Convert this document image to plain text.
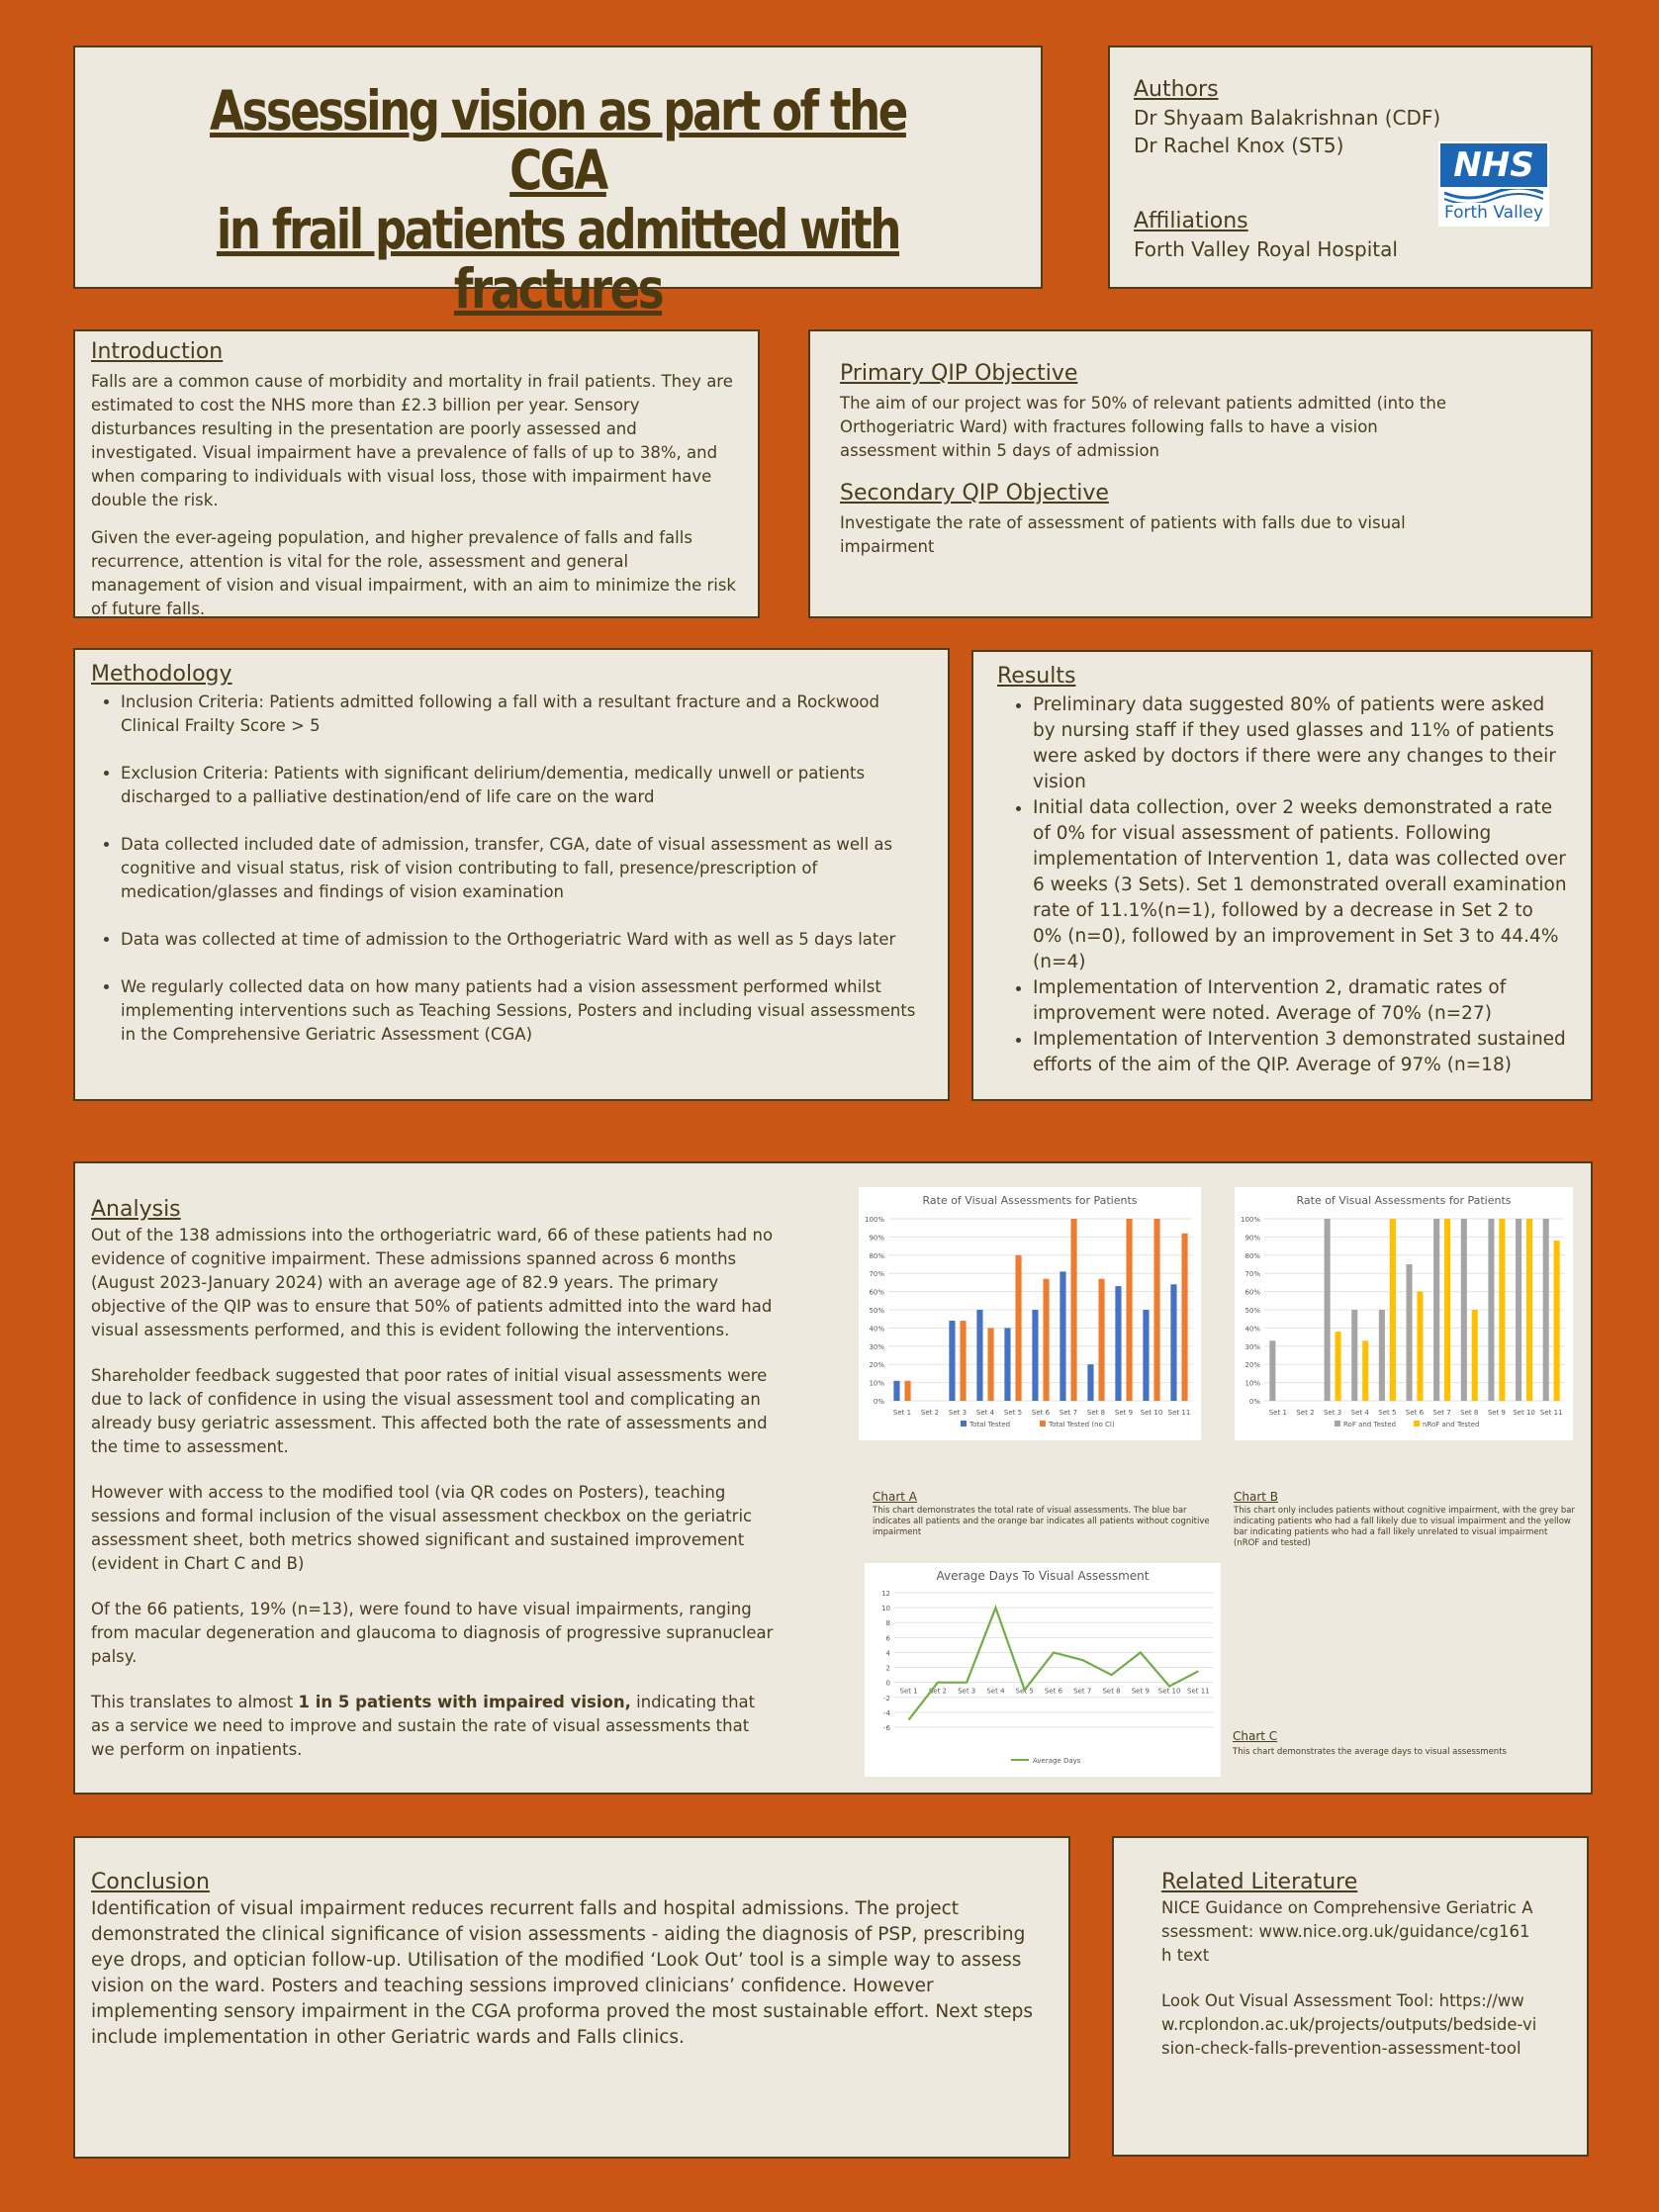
Assessing vision as part of the CGA
in frail patients admitted with
fractures
Authors
Dr Shyaam Balakrishnan (CDF)
Dr Rachel Knox (ST5)
Affiliations
Forth Valley Royal Hospital
NHS
Forth Valley
Introduction
Falls are a common cause of morbidity and mortality in frail patients. They are estimated to cost the NHS more than £2.3 billion per year. Sensory disturbances resulting in the presentation are poorly assessed and investigated. Visual impairment have a prevalence of falls of up to 38%, and when comparing to individuals with visual loss, those with impairment have double the risk.
Given the ever-ageing population, and higher prevalence of falls and falls recurrence, attention is vital for the role, assessment and general management of vision and visual impairment, with an aim to minimize the risk of future falls.
Primary QIP Objective
The aim of our project was for 50% of relevant patients admitted (into the Orthogeriatric Ward) with fractures following falls to have a vision assessment within 5 days of admission
Secondary QIP Objective
Investigate the rate of assessment of patients with falls due to visual impairment
Methodology
• Inclusion Criteria: Patients admitted following a fall with a resultant fracture and a Rockwood Clinical Frailty Score > 5
• Exclusion Criteria: Patients with significant delirium/dementia, medically unwell or patients discharged to a palliative destination/end of life care on the ward
• Data collected included date of admission, transfer, CGA, date of visual assessment as well as cognitive and visual status, risk of vision contributing to fall, presence/prescription of medication/glasses and findings of vision examination
• Data was collected at time of admission to the Orthogeriatric Ward with as well as 5 days later
• We regularly collected data on how many patients had a vision assessment performed whilst implementing interventions such as Teaching Sessions, Posters and including visual assessments in the Comprehensive Geriatric Assessment (CGA)
Results
• Preliminary data suggested 80% of patients were asked by nursing staff if they used glasses and 11% of patients were asked by doctors if there were any changes to their vision
• Initial data collection, over 2 weeks demonstrated a rate of 0% for visual assessment of patients. Following implementation of Intervention 1, data was collected over 6 weeks (3 Sets). Set 1 demonstrated overall examination rate of 11.1%(n=1), followed by a decrease in Set 2 to 0% (n=0), followed by an improvement in Set 3 to 44.4%(n=4)
• Implementation of Intervention 2, dramatic rates of improvement were noted. Average of 70% (n=27)
• Implementation of Intervention 3 demonstrated sustained efforts of the aim of the QIP. Average of 97% (n=18)
Analysis
Out of the 138 admissions into the orthogeriatric ward, 66 of these patients had no evidence of cognitive impairment. These admissions spanned across 6 months (August 2023-January 2024) with an average age of 82.9 years. The primary objective of the QIP was to ensure that 50% of patients admitted into the ward had visual assessments performed, and this is evident following the interventions.
Shareholder feedback suggested that poor rates of initial visual assessments were due to lack of confidence in using the visual assessment tool and complicating an already busy geriatric assessment. This affected both the rate of assessments and the time to assessment.
However with access to the modified tool (via QR codes on Posters), teaching sessions and formal inclusion of the visual assessment checkbox on the geriatric assessment sheet, both metrics showed significant and sustained improvement (evident in Chart C and B)
Of the 66 patients, 19% (n=13), were found to have visual impairments, ranging from macular degeneration and glaucoma to diagnosis of progressive supranuclear palsy.
This translates to almost 1 in 5 patients with impaired vision, indicating that as a service we need to improve and sustain the rate of visual assessments that we perform on inpatients.
Rate of Visual Assessments for Patients
0%
10%
20%
30%
40%
50%
60%
70%
80%
90%
100%
Set 1 Set 2 Set 3 Set 4 Set 5 Set 6 Set 7 Set 8 Set 9 Set 10 Set 11
Total Tested	Total Tested (no CI)
Chart A
This chart demonstrates the total rate of visual assessments. The blue bar indicates all patients and the orange bar indicates all patients without cognitive impairment
Rate of Visual Assessments for Patients
0%
10%
20%
30%
40%
50%
60%
70%
80%
90%
100%
Set 1 Set 2 Set 3 Set 4 Set 5 Set 6 Set 7 Set 8 Set 9 Set 10 Set 11
RoF and Tested	nRoF and Tested
Chart B
This chart only includes patients without cognitive impairment, with the grey bar indicating patients who had a fall likely due to visual impairment and the yellow bar indicating patients who had a fall likely unrelated to visual impairment (nROF and tested)
Average Days To Visual Assessment
-6
-4
-2
0
2
4
6
8
10
12
Set 1 Set 2 Set 3 Set 4 Set 5 Set 6 Set 7 Set 8 Set 9 Set 10 Set 11
Average Days
Chart C
This chart demonstrates the average days to visual assessments
Conclusion
Identification of visual impairment reduces recurrent falls and hospital admissions. The project demonstrated the clinical significance of vision assessments - aiding the diagnosis of PSP, prescribing eye drops, and optician follow-up. Utilisation of the modified ‘Look Out’ tool is a simple way to assess vision on the ward. Posters and teaching sessions improved clinicians’ confidence. However implementing sensory impairment in the CGA proforma proved the most sustainable effort. Next steps include implementation in other Geriatric wards and Falls clinics.
Related Literature
NICE Guidance on Comprehensive Geriatric Assessment: www.nice.org.uk/guidance/cg161h text
Look Out Visual Assessment Tool: https://www.rcplondon.ac.uk/projects/outputs/bedside-vision-check-falls-prevention-assessment-tool
